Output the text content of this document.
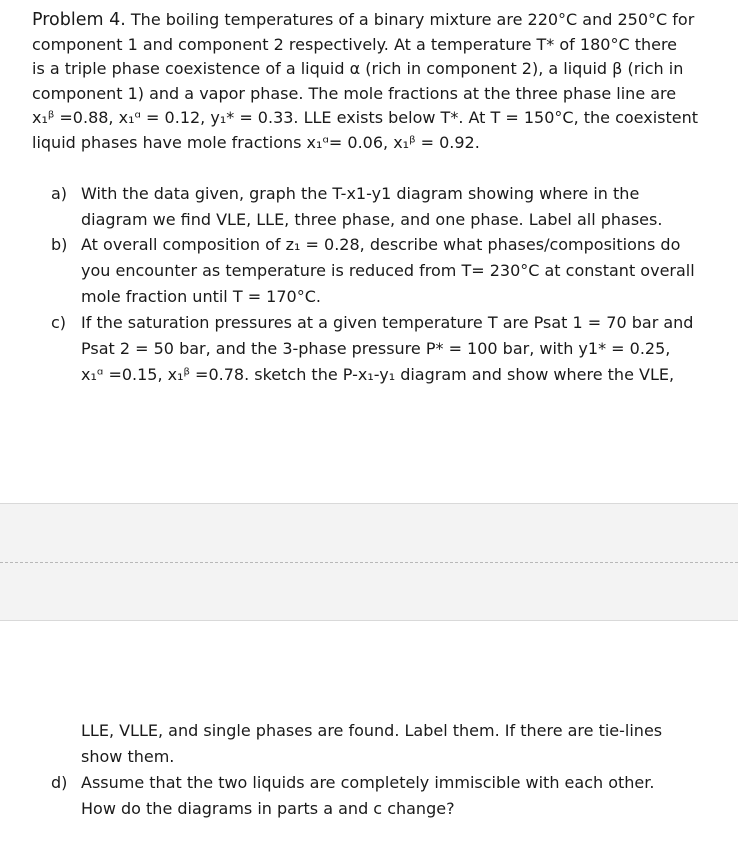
Problem 4. The boiling temperatures of a binary mixture are 220°C and 250°C for
component 1 and component 2 respectively. At a temperature T* of 180°C there
is a triple phase coexistence of a liquid α (rich in component 2), a liquid β (rich in
component 1) and a vapor phase. The mole fractions at the three phase line are
x₁ᵝ =0.88, x₁ᵅ = 0.12, y₁* = 0.33. LLE exists below T*. At T = 150°C, the coexistent
liquid phases have mole fractions x₁ᵅ= 0.06, x₁ᵝ = 0.92.
a) With the data given, graph the T-x1-y1 diagram showing where in the
diagram we find VLE, LLE, three phase, and one phase. Label all phases.
b) At overall composition of z₁ = 0.28, describe what phases/compositions do
you encounter as temperature is reduced from T= 230°C at constant overall
mole fraction until T = 170°C.
c) If the saturation pressures at a given temperature T are Psat 1 = 70 bar and
Psat 2 = 50 bar, and the 3-phase pressure P* = 100 bar, with y1* = 0.25,
x₁ᵅ =0.15, x₁ᵝ =0.78. sketch the P-x₁-y₁ diagram and show where the VLE,
LLE, VLLE, and single phases are found. Label them. If there are tie-lines
show them.
d) Assume that the two liquids are completely immiscible with each other.
How do the diagrams in parts a and c change?
